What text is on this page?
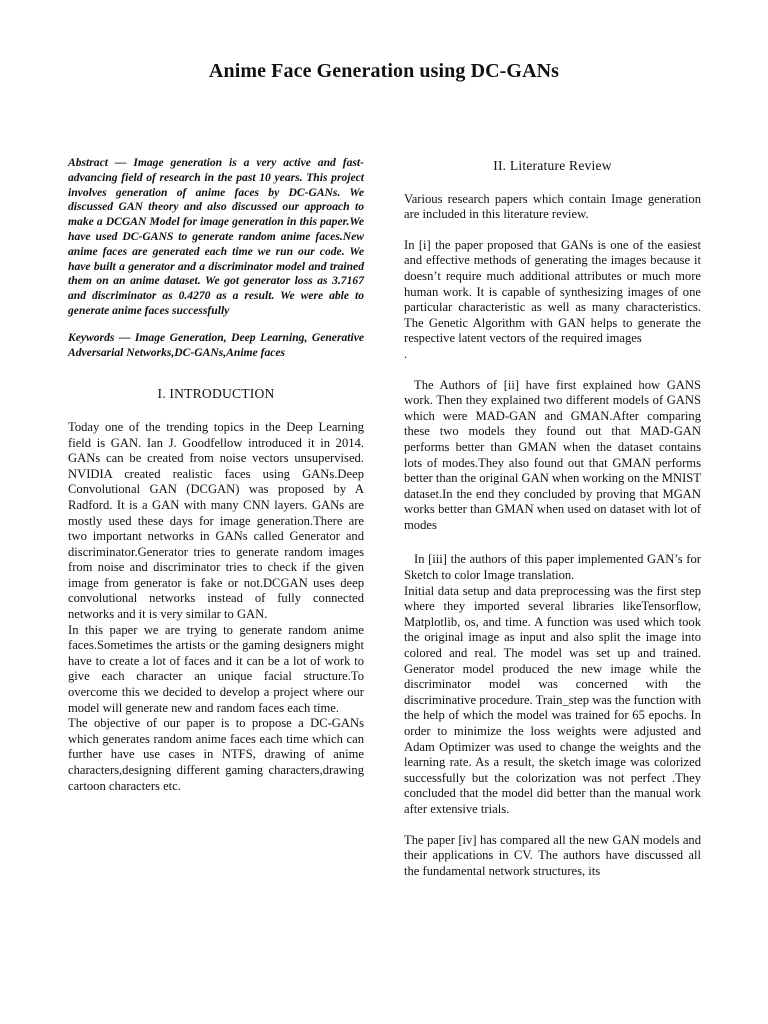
Anime Face Generation using DC-GANs

Abstract — Image generation is a very active and fast-advancing field of research in the past 10 years. This project involves generation of anime faces by DC-GANs. We discussed GAN theory and also discussed our approach to make a DCGAN Model for image generation in this paper.We have used DC-GANS to generate random anime faces.New anime faces are generated each time we run our code. We have built a generator and a discriminator model and trained them on an anime dataset. We got generator loss as 3.7167 and discriminator as 0.4270 as a result. We were able to generate anime faces successfully

Keywords — Image Generation, Deep Learning, Generative Adversarial Networks,DC-GANs,Anime faces

I. INTRODUCTION

Today one of the trending topics in the Deep Learning field is GAN. Ian J. Goodfellow introduced it in 2014. GANs can be created from noise vectors unsupervised. NVIDIA created realistic faces using GANs.Deep Convolutional GAN (DCGAN) was proposed by A Radford. It is a GAN with many CNN layers. GANs are mostly used these days for image generation.There are two important networks in GANs called Generator and discriminator.Generator tries to generate random images from noise and discriminator tries to check if the given image from generator is fake or not.DCGAN uses deep convolutional networks instead of fully connected networks and it is very similar to GAN.

In this paper we are trying to generate random anime faces.Sometimes the artists or the gaming designers might have to create a lot of faces and it can be a lot of work to give each character an unique facial structure.To overcome this we decided to develop a project where our model will generate new and random faces each time.

The objective of our paper is to propose a DC-GANs which generates random anime faces each time which can further have use cases in NTFS, drawing of anime characters,designing different gaming characters,drawing cartoon characters etc.

II. Literature Review

Various research papers which contain Image generation are included in this literature review.

In [i] the paper proposed that GANs is one of the easiest and effective methods of generating the images because it doesn’t require much additional attributes or much more human work. It is capable of synthesizing images of one particular characteristic as well as many characteristics. The Genetic Algorithm with GAN helps to generate the respective latent vectors of the required images

.

The Authors of [ii] have first explained how GANS work. Then they explained two different models of GANS which were MAD-GAN and GMAN.After comparing these two models they found out that MAD-GAN performs better than GMAN when the dataset contains lots of modes.They also found out that GMAN performs better than the original GAN when working on the MNIST dataset.In the end they concluded by proving that MGAN works better than GMAN when used on dataset with lot of modes

In [iii] the authors of this paper implemented GAN’s for Sketch to color Image translation.

Initial data setup and data preprocessing was the first step where they imported several libraries likeTensorflow, Matplotlib, os, and time. A function was used which took the original image as input and also split the image into colored and real. The model was set up and trained. Generator model produced the new image while the discriminator model was concerned with the discriminative procedure. Train_step was the function with the help of which the model was trained for 65 epochs. In order to minimize the loss weights were adjusted and Adam Optimizer was used to change the weights and the learning rate. As a result, the sketch image was colorized successfully but the colorization was not perfect .They concluded that the model did better than the manual work after extensive trials.

The paper [iv] has compared all the new GAN models and their applications in CV. The authors have discussed all the fundamental network structures, its
